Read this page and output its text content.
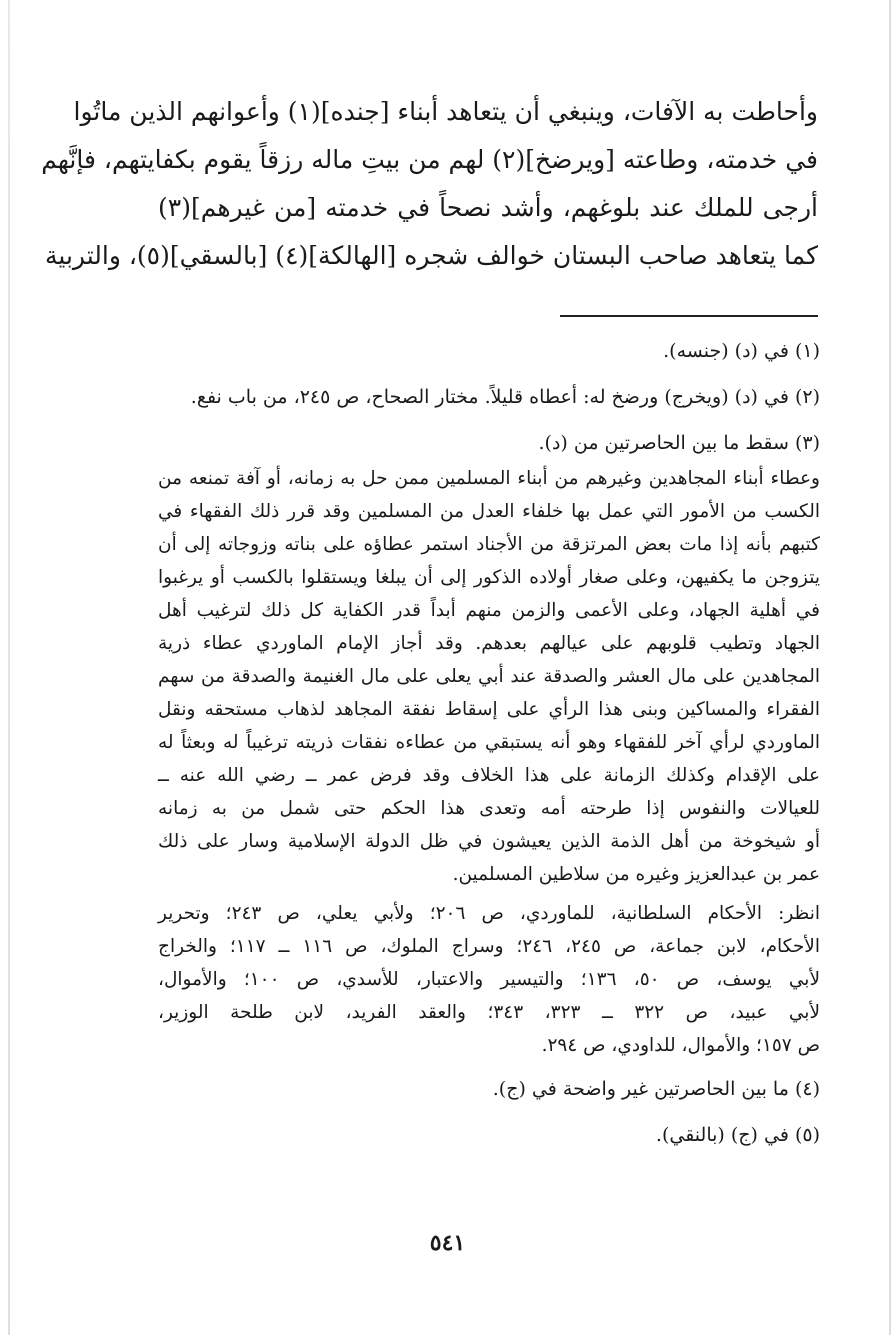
وأحاطت به الآفات، وينبغي أن يتعاهد أبناء [جنده](١) وأعوانهم الذين ماتُوا
في خدمته، وطاعته [ويرضخ](٢) لهم من بيتِ ماله رزقاً يقوم بكفايتهم، فإنَّهم
أرجى للملك عند بلوغهم، وأشد نصحاً في خدمته [من غيرهم](٣)
كما يتعاهد صاحب البستان خوالف شجره [الهالكة](٤) [بالسقي](٥)، والتربية
(١) في (د) (جنسه).
(٢) في (د) (ويخرج) ورضخ له: أعطاه قليلاً. مختار الصحاح، ص ٢٤٥، من باب نفع.
(٣) سقط ما بين الحاصرتين من (د).
وعطاء أبناء المجاهدين وغيرهم من أبناء المسلمين ممن حل به زمانه، أو آفة تمنعه من
الكسب من الأمور التي عمل بها خلفاء العدل من المسلمين وقد قرر ذلك الفقهاء في
كتبهم بأنه إذا مات بعض المرتزقة من الأجناد استمر عطاؤه على بناته وزوجاته إلى أن
يتزوجن ما يكفيهن، وعلى صغار أولاده الذكور إلى أن يبلغا ويستقلوا بالكسب أو يرغبوا
في أهلية الجهاد، وعلى الأعمى والزمن منهم أبداً قدر الكفاية كل ذلك لترغيب أهل
الجهاد وتطيب قلوبهم على عيالهم بعدهم. وقد أجاز الإمام الماوردي عطاء ذرية
المجاهدين على مال العشر والصدقة عند أبي يعلى على مال الغنيمة والصدقة من سهم
الفقراء والمساكين وبنى هذا الرأي على إسقاط نفقة المجاهد لذهاب مستحقه ونقل
الماوردي لرأي آخر للفقهاء وهو أنه يستبقي من عطاءه نفقات ذريته ترغيباً له وبعثاً له
على الإقدام وكذلك الزمانة على هذا الخلاف وقد فرض عمر ــ رضي الله عنه ــ
للعيالات والنفوس إذا طرحته أمه وتعدى هذا الحكم حتى شمل من به زمانه
أو شيخوخة من أهل الذمة الذين يعيشون في ظل الدولة الإسلامية وسار على ذلك
عمر بن عبدالعزيز وغيره من سلاطين المسلمين.
انظر: الأحكام السلطانية، للماوردي، ص ٢٠٦؛ ولأبي يعلي، ص ٢٤٣؛ وتحرير
الأحكام، لابن جماعة، ص ٢٤٥، ٢٤٦؛ وسراج الملوك، ص ١١٦ ــ ١١٧؛ والخراج
لأبي يوسف، ص ٥٠، ١٣٦؛ والتيسير والاعتبار، للأسدي، ص ١٠٠؛ والأموال،
لأبي عبيد، ص ٣٢٢ ــ ٣٢٣، ٣٤٣؛ والعقد الفريد، لابن طلحة الوزير،
ص ١٥٧؛ والأموال، للداودي، ص ٢٩٤.
(٤) ما بين الحاصرتين غير واضحة في (ج).
(٥) في (ج) (بالنقي).
٥٤١
